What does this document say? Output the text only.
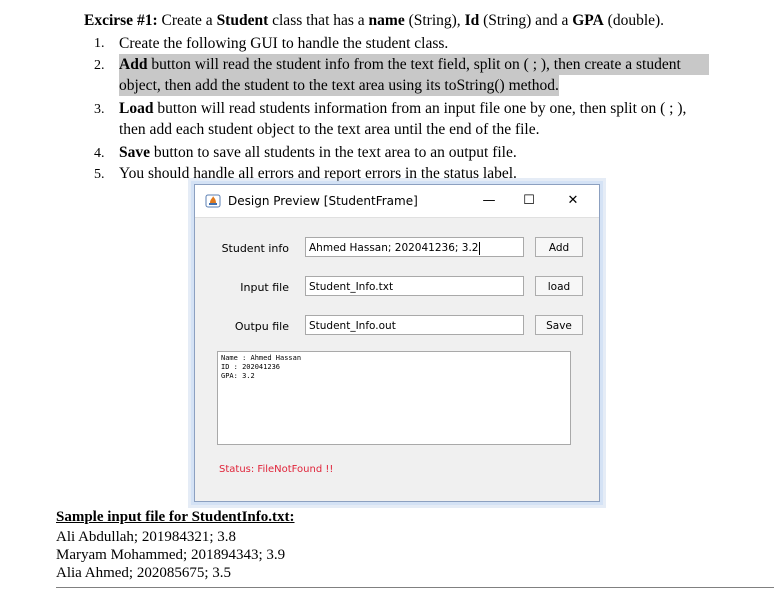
Excirse #1: Create a Student class that has a name (String), Id (String) and a GPA (double).
1. Create the following GUI to handle the student class.
2. Add button will read the student info from the text field, split on ( ; ), then create a student
object, then add the student to the text area using its toString() method.
3. Load button will read students information from an input file one by one, then split on ( ; ),
then add each student object to the text area until the end of the file.
4. Save button to save all students in the text area to an output file.
5. You should handle all errors and report errors in the status label.
Design Preview [StudentFrame]	—	☐	✕
Student info	Ahmed Hassan; 202041236; 3.2	Add
Input file	Student_Info.txt	load
Outpu file	Student_Info.out	Save
Name : Ahmed Hassan
ID : 202041236
GPA: 3.2
Status: FileNotFound !!
Sample input file for StudentInfo.txt:
Ali Abdullah; 201984321; 3.8
Maryam Mohammed; 201894343; 3.9
Alia Ahmed; 202085675; 3.5
